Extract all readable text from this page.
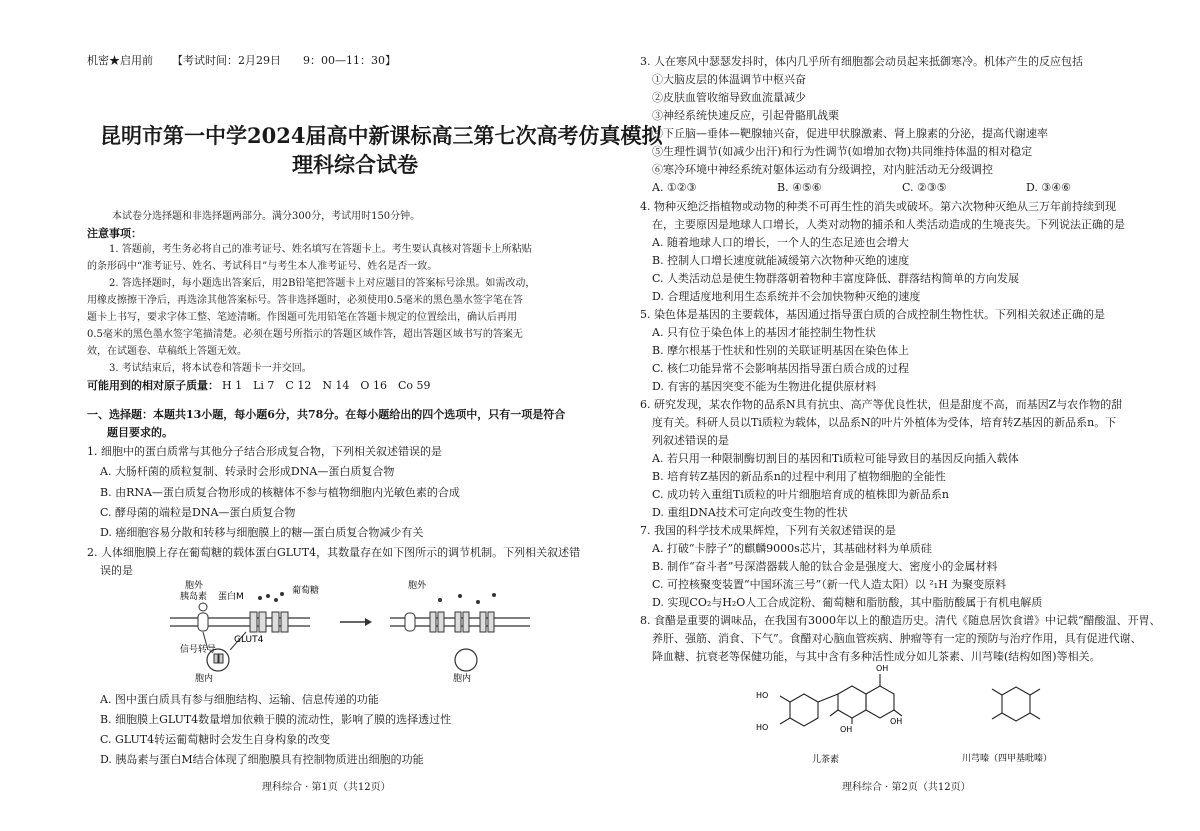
机密★启用前 【考试时间：2月29日　　9：00—11：30】
昆明市第一中学2024届高中新课标高三第七次高考仿真模拟
理科综合试卷
本试卷分选择题和非选择题两部分。满分300分，考试用时150分钟。
注意事项：
1. 答题前，考生务必将自己的准考证号、姓名填写在答题卡上。考生要认真核对答题卡上所粘贴
的条形码中“准考证号、姓名、考试科目”与考生本人准考证号、姓名是否一致。
2. 答选择题时，每小题选出答案后，用2B铅笔把答题卡上对应题目的答案标号涂黑。如需改动，
用橡皮擦擦干净后，再选涂其他答案标号。答非选择题时，必须使用0.5毫米的黑色墨水签字笔在答
题卡上书写，要求字体工整、笔迹清晰。作图题可先用铅笔在答题卡规定的位置绘出，确认后再用
0.5毫米的黑色墨水签字笔描清楚。必须在题号所指示的答题区域作答，超出答题区域书写的答案无
效，在试题卷、草稿纸上答题无效。
3. 考试结束后，将本试卷和答题卡一并交回。
可能用到的相对原子质量： H 1　Li 7　C 12　N 14　O 16　Co 59
一、选择题：本题共13小题，每小题6分，共78分。在每小题给出的四个选项中，只有一项是符合
题目要求的。
1. 细胞中的蛋白质常与其他分子结合形成复合物，下列相关叙述错误的是
A. 大肠杆菌的质粒复制、转录时会形成DNA—蛋白质复合物
B. 由RNA—蛋白质复合物形成的核糖体不参与植物细胞内光敏色素的合成
C. 酵母菌的端粒是DNA—蛋白质复合物
D. 癌细胞容易分散和转移与细胞膜上的糖—蛋白质复合物减少有关
2. 人体细胞膜上存在葡萄糖的载体蛋白GLUT4，其数量存在如下图所示的调节机制。下列相关叙述错
误的是
胞外
胰岛素 蛋白M
葡萄糖
信号转导
GLUT4
胞内
胞外
胞内
A. 图中蛋白质具有参与细胞结构、运输、信息传递的功能
B. 细胞膜上GLUT4数量增加依赖于膜的流动性，影响了膜的选择透过性
C. GLUT4转运葡萄糖时会发生自身构象的改变
D. 胰岛素与蛋白M结合体现了细胞膜具有控制物质进出细胞的功能
理科综合 · 第1页（共12页）
3. 人在寒风中瑟瑟发抖时，体内几乎所有细胞都会动员起来抵御寒冷。机体产生的反应包括
①大脑皮层的体温调节中枢兴奋
②皮肤血管收缩导致血流量减少
③神经系统快速反应，引起骨骼肌战栗
④下丘脑—垂体—靶腺轴兴奋，促进甲状腺激素、肾上腺素的分泌，提高代谢速率
⑤生理性调节(如减少出汗)和行为性调节(如增加衣物)共同维持体温的相对稳定
⑥寒冷环境中神经系统对躯体运动有分级调控，对内脏活动无分级调控
A. ①②③	B. ④⑤⑥	C. ②③⑤	D. ③④⑥
4. 物种灭绝泛指植物或动物的种类不可再生性的消失或破坏。第六次物种灭绝从三万年前持续到现
在，主要原因是地球人口增长，人类对动物的捕杀和人类活动造成的生境丧失。下列说法正确的是
A. 随着地球人口的增长，一个人的生态足迹也会增大
B. 控制人口增长速度就能减缓第六次物种灭绝的速度
C. 人类活动总是使生物群落朝着物种丰富度降低、群落结构简单的方向发展
D. 合理适度地利用生态系统并不会加快物种灭绝的速度
5. 染色体是基因的主要载体，基因通过指导蛋白质的合成控制生物性状。下列相关叙述正确的是
A. 只有位于染色体上的基因才能控制生物性状
B. 摩尔根基于性状和性别的关联证明基因在染色体上
C. 核仁功能异常不会影响基因指导蛋白质合成的过程
D. 有害的基因突变不能为生物进化提供原材料
6. 研究发现，某农作物的品系N具有抗虫、高产等优良性状，但是甜度不高，而基因Z与农作物的甜
度有关。科研人员以Ti质粒为载体，以品系N的叶片外植体为受体，培育转Z基因的新品系n。下
列叙述错误的是
A. 若只用一种限制酶切割目的基因和Ti质粒可能导致目的基因反向插入载体
B. 培育转Z基因的新品系n的过程中利用了植物细胞的全能性
C. 成功转入重组Ti质粒的叶片细胞培育成的植株即为新品系n
D. 重组DNA技术可定向改变生物的性状
7. 我国的科学技术成果辉煌，下列有关叙述错误的是
A. 打破“卡脖子”的麒麟9000s芯片，其基础材料为单质硅
B. 制作“奋斗者”号深潜器载人舱的钛合金是强度大、密度小的金属材料
C. 可控核聚变装置“中国环流三号”（新一代人造太阳）以 ²₁H 为聚变原料
D. 实现CO₂与H₂O人工合成淀粉、葡萄糖和脂肪酸，其中脂肪酸属于有机电解质
8. 食醋是重要的调味品，在我国有3000年以上的酿造历史。清代《随息居饮食谱》中记载“醋酸温、开胃、
养肝、强筋、消食、下气”。食醋对心脑血管疾病、肿瘤等有一定的预防与治疗作用，具有促进代谢、
降血糖、抗衰老等保健功能，与其中含有多种活性成分如儿茶素、川芎嗪(结构如图)等相关。
OH
HO
HO	OH
OH
儿茶素	川芎嗪（四甲基吡嗪）
理科综合 · 第2页（共12页）
